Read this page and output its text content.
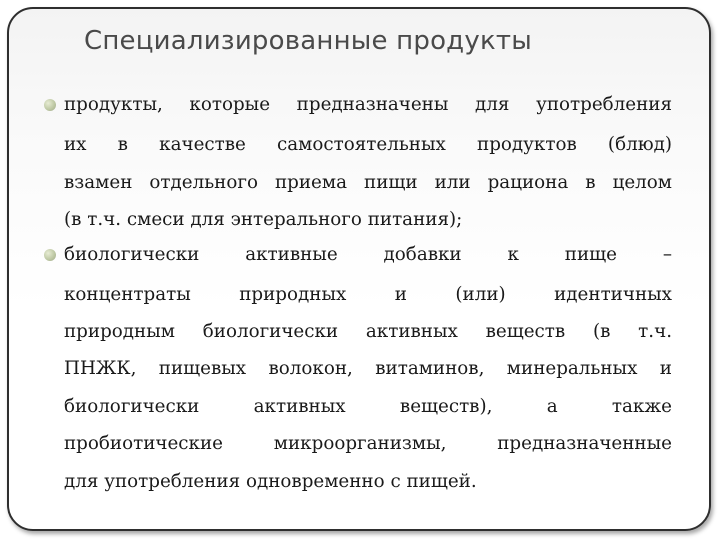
Специализированные продукты
продукты, которые предназначены для употребления
их в качестве самостоятельных продуктов (блюд)
взамен отдельного приема пищи или рациона в целом
(в т.ч. смеси для энтерального питания);
биологически активные добавки к пище –
концентраты природных и (или) идентичных
природным биологически активных веществ (в т.ч.
ПНЖК, пищевых волокон, витаминов, минеральных и
биологически активных веществ), а также
пробиотические микроорганизмы, предназначенные
для употребления одновременно с пищей.
